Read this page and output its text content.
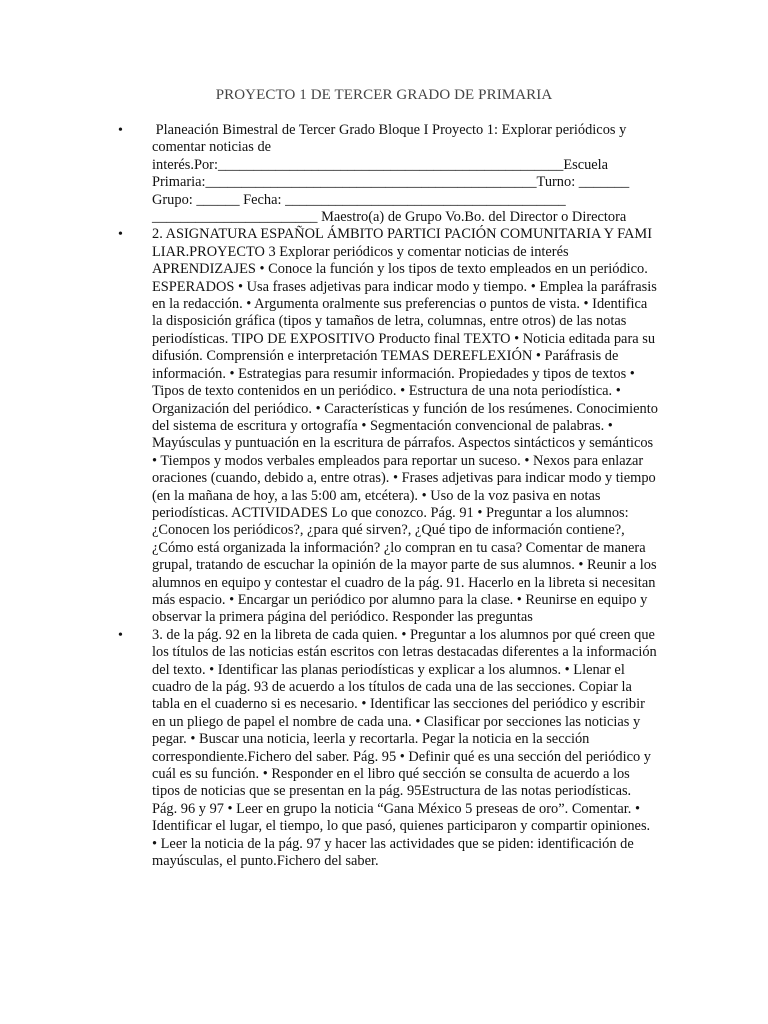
PROYECTO 1 DE TERCER GRADO DE PRIMARIA
•	Planeación Bimestral de Tercer Grado Bloque I Proyecto 1: Explorar periódicos y comentar noticias de interés.Por:________________________________________________Escuela Primaria:______________________________________________Turno: _______ Grupo: ______ Fecha: _______________________________________ _______________________ Maestro(a) de Grupo Vo.Bo. del Director o Directora
•	2. ASIGNATURA ESPAÑOL ÁMBITO PARTICI PACIÓN COMUNITARIA Y FAMI LIAR.PROYECTO 3 Explorar periódicos y comentar noticias de interés APRENDIZAJES • Conoce la función y los tipos de texto empleados en un periódico. ESPERADOS • Usa frases adjetivas para indicar modo y tiempo. • Emplea la paráfrasis en la redacción. • Argumenta oralmente sus preferencias o puntos de vista. • Identifica la disposición gráfica (tipos y tamaños de letra, columnas, entre otros) de las notas periodísticas. TIPO DE EXPOSITIVO Producto final TEXTO • Noticia editada para su difusión. Comprensión e interpretación TEMAS DEREFLEXIÓN • Paráfrasis de información. • Estrategias para resumir información. Propiedades y tipos de textos • Tipos de texto contenidos en un periódico. • Estructura de una nota periodística. • Organización del periódico. • Características y función de los resúmenes. Conocimiento del sistema de escritura y ortografía • Segmentación convencional de palabras. • Mayúsculas y puntuación en la escritura de párrafos. Aspectos sintácticos y semánticos • Tiempos y modos verbales empleados para reportar un suceso. • Nexos para enlazar oraciones (cuando, debido a, entre otras). • Frases adjetivas para indicar modo y tiempo (en la mañana de hoy, a las 5:00 am, etcétera). • Uso de la voz pasiva en notas periodísticas. ACTIVIDADES Lo que conozco. Pág. 91 • Preguntar a los alumnos: ¿Conocen los periódicos?, ¿para qué sirven?, ¿Qué tipo de información contiene?, ¿Cómo está organizada la información? ¿lo compran en tu casa? Comentar de manera grupal, tratando de escuchar la opinión de la mayor parte de sus alumnos. • Reunir a los alumnos en equipo y contestar el cuadro de la pág. 91. Hacerlo en la libreta si necesitan más espacio. • Encargar un periódico por alumno para la clase. • Reunirse en equipo y observar la primera página del periódico. Responder las preguntas
•	3. de la pág. 92 en la libreta de cada quien. • Preguntar a los alumnos por qué creen que los títulos de las noticias están escritos con letras destacadas diferentes a la información del texto. • Identificar las planas periodísticas y explicar a los alumnos. • Llenar el cuadro de la pág. 93 de acuerdo a los títulos de cada una de las secciones. Copiar la tabla en el cuaderno si es necesario. • Identificar las secciones del periódico y escribir en un pliego de papel el nombre de cada una. • Clasificar por secciones las noticias y pegar. • Buscar una noticia, leerla y recortarla. Pegar la noticia en la sección correspondiente.Fichero del saber. Pág. 95 • Definir qué es una sección del periódico y cuál es su función. • Responder en el libro qué sección se consulta de acuerdo a los tipos de noticias que se presentan en la pág. 95Estructura de las notas periodísticas. Pág. 96 y 97 • Leer en grupo la noticia “Gana México 5 preseas de oro”. Comentar. • Identificar el lugar, el tiempo, lo que pasó, quienes participaron y compartir opiniones. • Leer la noticia de la pág. 97 y hacer las actividades que se piden: identificación de mayúsculas, el punto.Fichero del saber.
